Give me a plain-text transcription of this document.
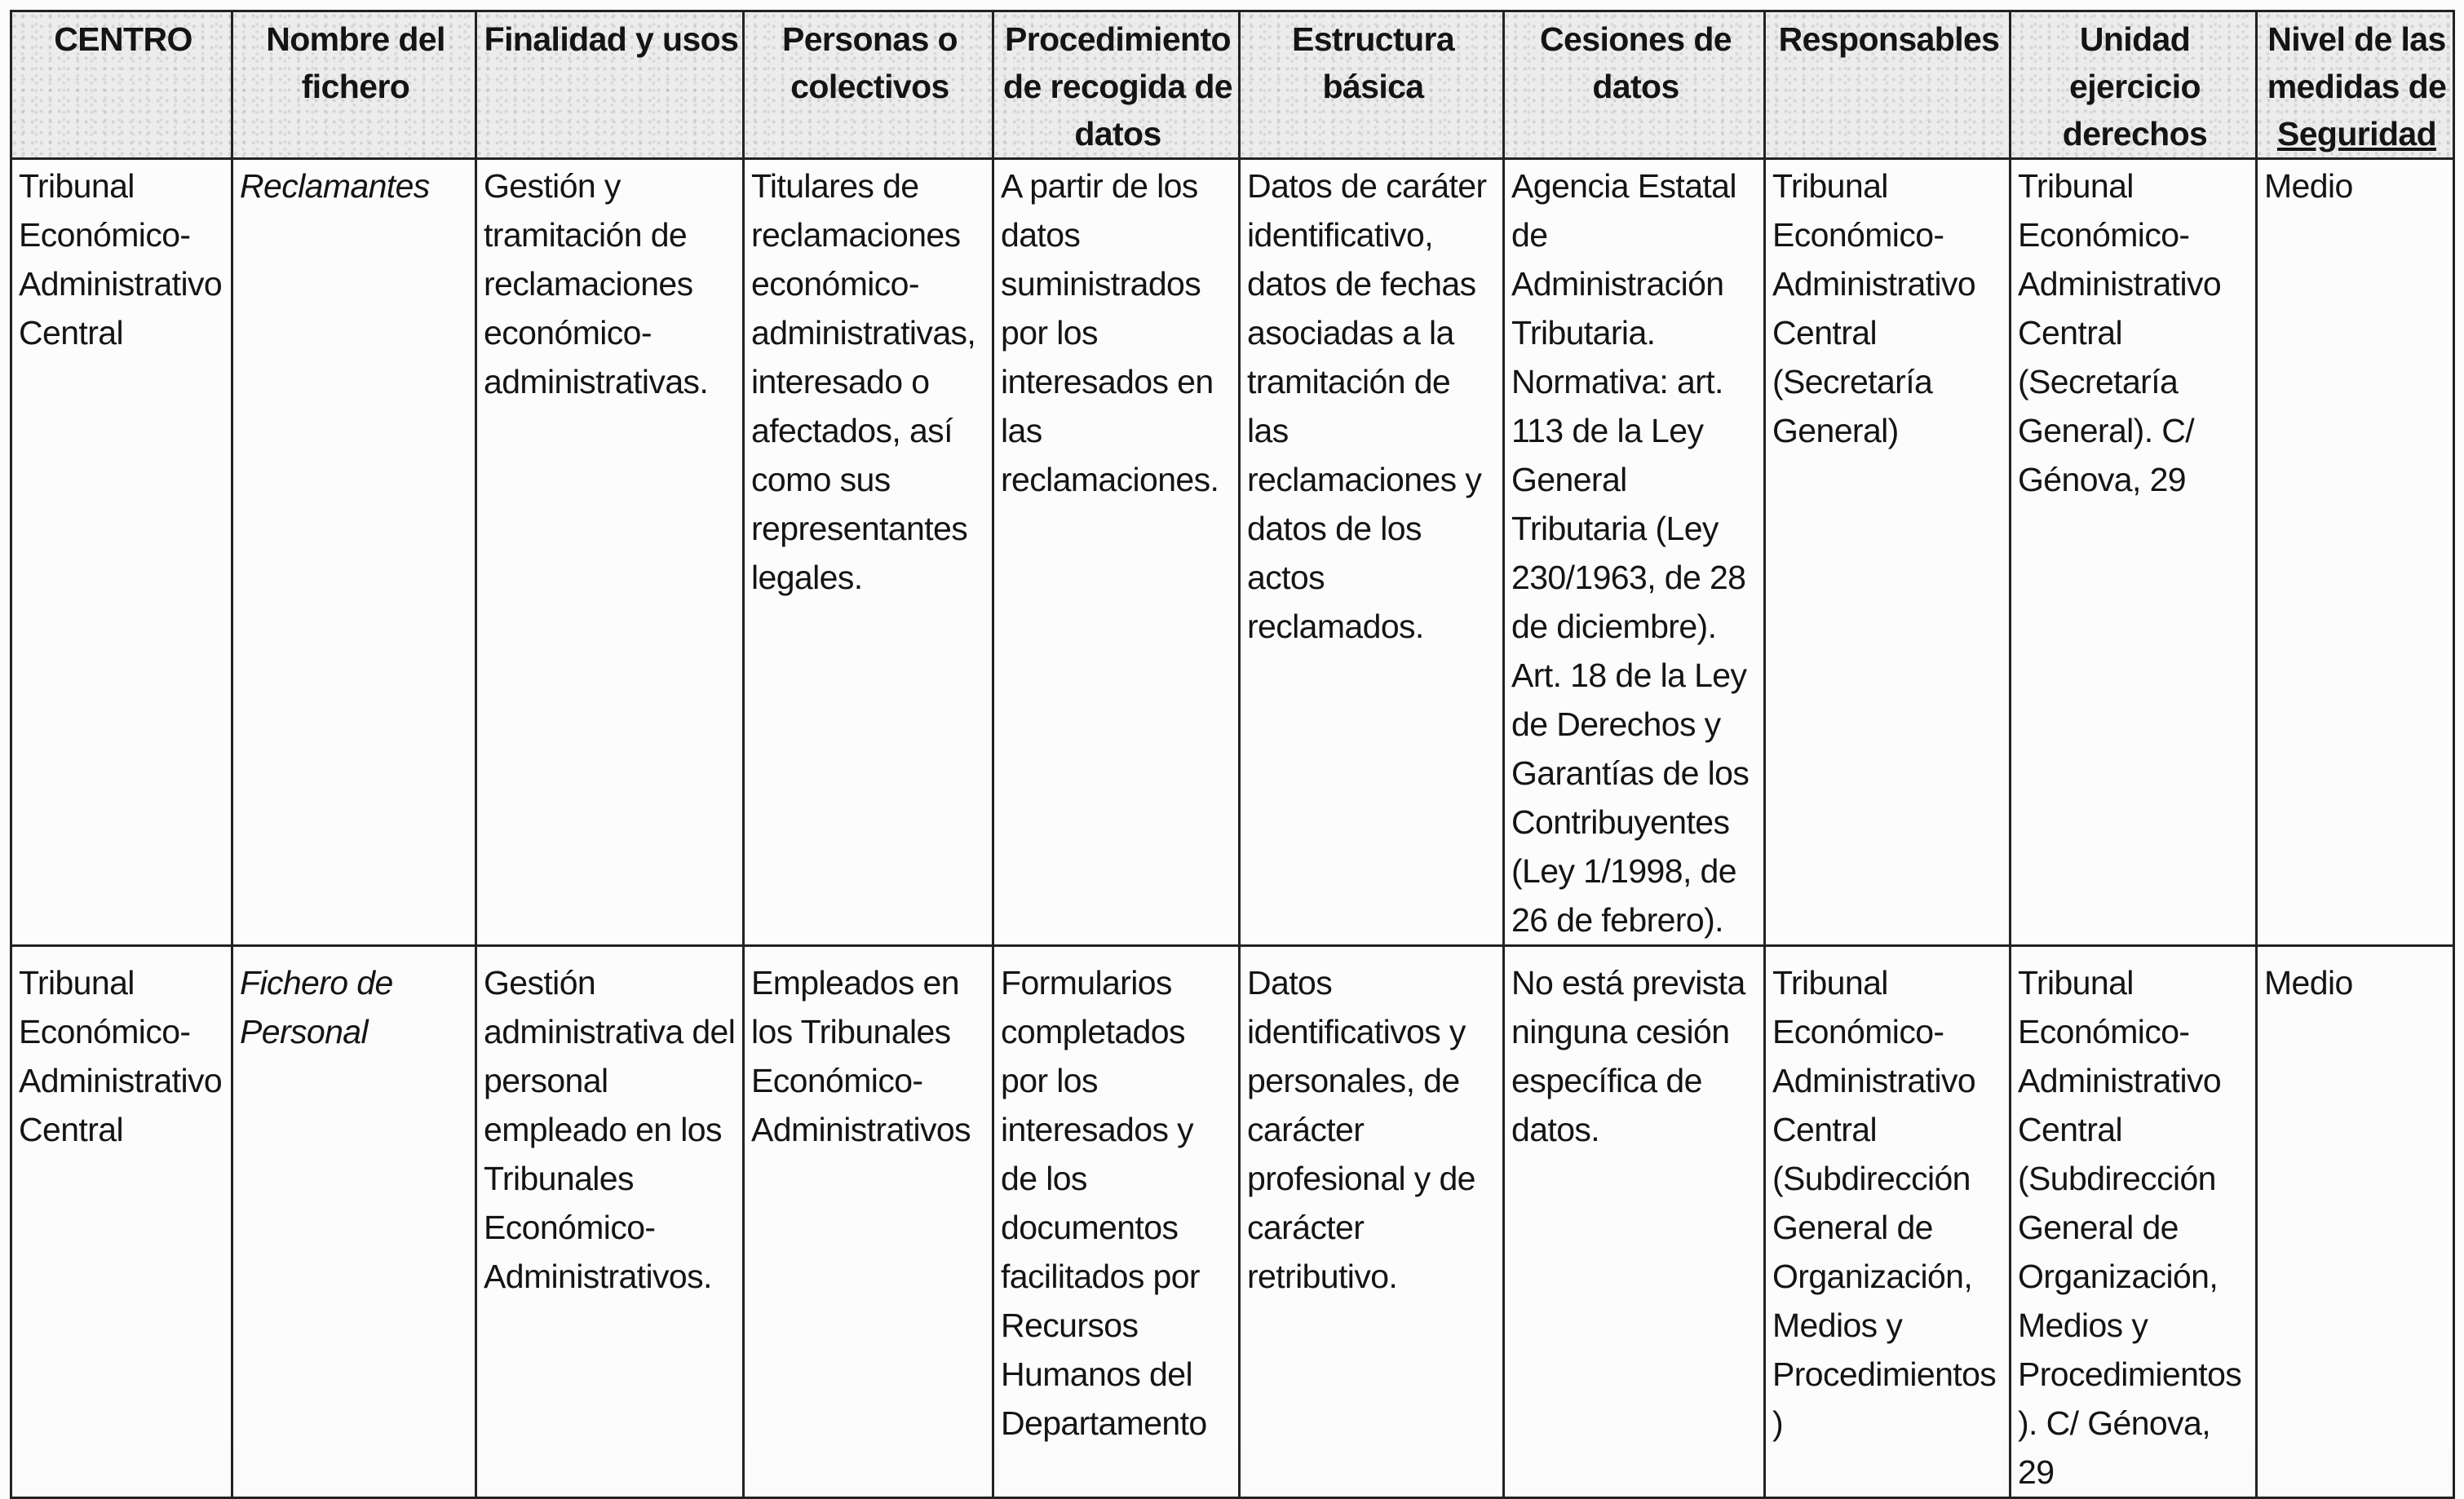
CENTRO	Nombre del fichero	Finalidad y usos	Personas o colectivos	Procedimiento de recogida de datos	Estructura básica	Cesiones de datos	Responsables	Unidad ejercicio derechos	Nivel de las medidas de Seguridad
Tribunal Económico-Administrativo Central	Reclamantes	Gestión y tramitación de reclamaciones económico-administrativas.	Titulares de reclamaciones económico-administrativas, interesado o afectados, así como sus representantes legales.	A partir de los datos suministrados por los interesados en las reclamaciones.	Datos de caráter identificativo, datos de fechas asociadas a la tramitación de las reclamaciones y datos de los actos reclamados.	Agencia Estatal de Administración Tributaria. Normativa: art. 113 de la Ley General Tributaria (Ley 230/1963, de 28 de diciembre). Art. 18 de la Ley de Derechos y Garantías de los Contribuyentes (Ley 1/1998, de 26 de febrero).	Tribunal Económico-Administrativo Central (Secretaría General)	Tribunal Económico-Administrativo Central (Secretaría General). C/ Génova, 29	Medio
Tribunal Económico-Administrativo Central	Fichero de Personal	Gestión administrativa del personal empleado en los Tribunales Económico-Administrativos.	Empleados en los Tribunales Económico-Administrativos	Formularios completados por los interesados y de los documentos facilitados por Recursos Humanos del Departamento	Datos identificativos y personales, de carácter profesional y de carácter retributivo.	No está prevista ninguna cesión específica de datos.	Tribunal Económico-Administrativo Central (Subdirección General de Organización, Medios y Procedimientos)	Tribunal Económico-Administrativo Central (Subdirección General de Organización, Medios y Procedimientos). C/ Génova, 29	Medio
